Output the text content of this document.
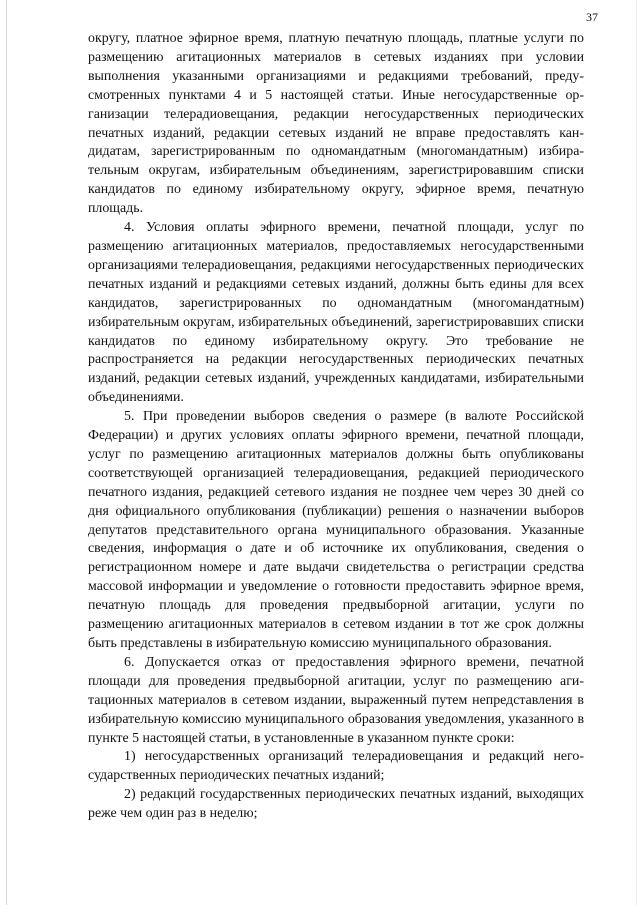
37

округу, платное эфирное время, платную печатную площадь, платные услуги по размещению агитационных материалов в сетевых изданиях при условии выполнения указанными организациями и редакциями требований, предусмотренных пунктами 4 и 5 настоящей статьи. Иные негосударственные организации телерадиовещания, редакции негосударственных периодических печатных изданий, редакции сетевых изданий не вправе предоставлять кандидатам, зарегистрированным по одномандатным (многомандатным) избирательным округам, избирательным объединениям, зарегистрировавшим списки кандидатов по единому избирательному округу, эфирное время, печатную площадь.

4. Условия оплаты эфирного времени, печатной площади, услуг по размещению агитационных материалов, предоставляемых негосударственными организациями телерадиовещания, редакциями негосударственных периодических печатных изданий и редакциями сетевых изданий, должны быть едины для всех кандидатов, зарегистрированных по одномандатным (многомандатным) избирательным округам, избирательных объединений, зарегистрировавших списки кандидатов по единому избирательному округу. Это требование не распространяется на редакции негосударственных периодических печатных изданий, редакции сетевых изданий, учрежденных кандидатами, избирательными объединениями.

5. При проведении выборов сведения о размере (в валюте Российской Федерации) и других условиях оплаты эфирного времени, печатной площади, услуг по размещению агитационных материалов должны быть опубликованы соответствующей организацией телерадиовещания, редакцией периодического печатного издания, редакцией сетевого издания не позднее чем через 30 дней со дня официального опубликования (публикации) решения о назначении выборов депутатов представительного органа муниципального образования. Указанные сведения, информация о дате и об источнике их опубликования, сведения о регистрационном номере и дате выдачи свидетельства о регистрации средства массовой информации и уведомление о готовности предоставить эфирное время, печатную площадь для проведения предвыборной агитации, услуги по размещению агитационных материалов в сетевом издании в тот же срок должны быть представлены в избирательную комиссию муниципального образования.

6. Допускается отказ от предоставления эфирного времени, печатной площади для проведения предвыборной агитации, услуг по размещению агитационных материалов в сетевом издании, выраженный путем непредставления в избирательную комиссию муниципального образования уведомления, указанного в пункте 5 настоящей статьи, в установленные в указанном пункте сроки:

1) негосударственных организаций телерадиовещания и редакций негосударственных периодических печатных изданий;

2) редакций государственных периодических печатных изданий, выходящих реже чем один раз в неделю;
